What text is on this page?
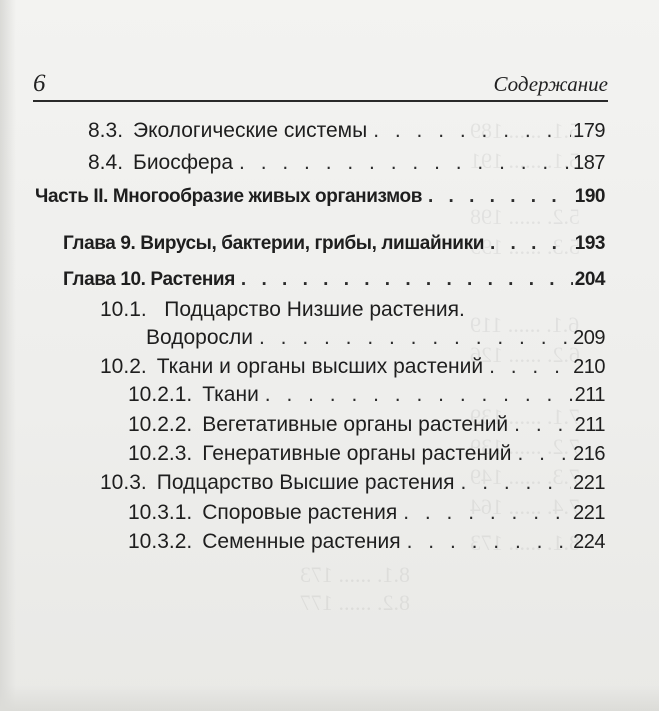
5.1. ...... 189
5.1. ...... 191
5.2. ...... 198
5.3. ...... 199
6.1. ...... 119
6.2. ...... 126
7.1. ...... 139
7.2. ...... 139
7.3. ...... 149
7.4. ...... 164
8.1. ...... 173
8.1. ...... 173
8.2. ...... 177
6	Содержание
8.3. Экологические системы . . .	179
8.4. Биосфера . . .	187
Часть II. Многообразие живых организмов . . .	190
Глава 9. Вирусы, бактерии, грибы, лишайники . . .	193
Глава 10. Растения . . .	204
10.1. Подцарство Низшие растения.
Водоросли . . .	209
10.2. Ткани и органы высших растений . . .	210
10.2.1. Ткани . . .	211
10.2.2. Вегетативные органы растений . . .	211
10.2.3. Генеративные органы растений . . .	216
10.3. Подцарство Высшие растения . . .	221
10.3.1. Споровые растения . . .	221
10.3.2. Семенные растения . . .	224
